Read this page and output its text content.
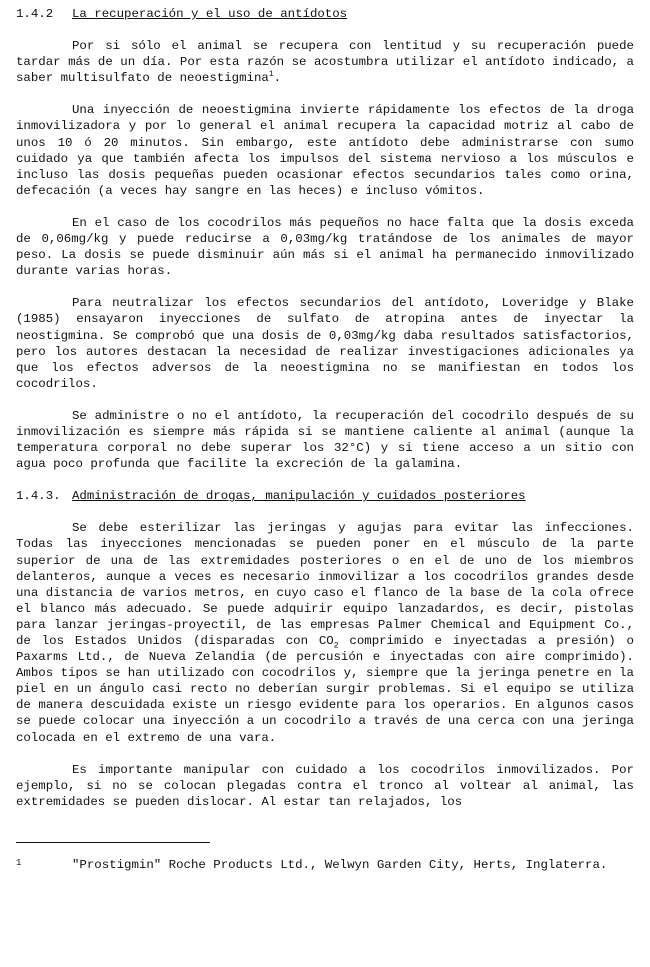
1.4.2 La recuperación y el uso de antídotos

Por si sólo el animal se recupera con lentitud y su recuperación puede tardar más de un día. Por esta razón se acostumbra utilizar el antídoto indicado, a saber multisulfato de neoestigmina$^1$.

Una inyección de neoestigmina invierte rápidamente los efectos de la droga inmovilizadora y por lo general el animal recupera la capacidad motriz al cabo de unos 10 ó 20 minutos. Sin embargo, este antídoto debe administrarse con sumo cuidado ya que también afecta los impulsos del sistema nervioso a los músculos e incluso las dosis pequeñas pueden ocasionar efectos secundarios tales como orina, defecación (a veces hay sangre en las heces) e incluso vómitos.

En el caso de los cocodrilos más pequeños no hace falta que la dosis exceda de 0,06mg/kg y puede reducirse a 0,03mg/kg tratándose de los animales de mayor peso. La dosis se puede disminuir aún más si el animal ha permanecido inmovilizado durante varias horas.

Para neutralizar los efectos secundarios del antídoto, Loveridge y Blake (1985) ensayaron inyecciones de sulfato de atropina antes de inyectar la neostigmina. Se comprobó que una dosis de 0,03mg/kg daba resultados satisfactorios, pero los autores destacan la necesidad de realizar investigaciones adicionales ya que los efectos adversos de la neoestigmina no se manifiestan en todos los cocodrilos.

Se administre o no el antídoto, la recuperación del cocodrilo después de su inmovilización es siempre más rápida si se mantiene caliente al animal (aunque la temperatura corporal no debe superar los 32°C) y si tiene acceso a un sitio con agua poco profunda que facilite la excreción de la galamina.

1.4.3. Administración de drogas, manipulación y cuidados posteriores

Se debe esterilizar las jeringas y agujas para evitar las infecciones. Todas las inyecciones mencionadas se pueden poner en el músculo de la parte superior de una de las extremidades posteriores o en el de uno de los miembros delanteros, aunque a veces es necesario inmovilizar a los cocodrilos grandes desde una distancia de varios metros, en cuyo caso el flanco de la base de la cola ofrece el blanco más adecuado. Se puede adquirir equipo lanzadardos, es decir, pistolas para lanzar jeringas-proyectil, de las empresas Palmer Chemical and Equipment Co., de los Estados Unidos (disparadas con $CO_2$ comprimido e inyectadas a presión) o Paxarms Ltd., de Nueva Zelandia (de percusión e inyectadas con aire comprimido). Ambos tipos se han utilizado con cocodrilos y, siempre que la jeringa penetre en la piel en un ángulo casi recto no deberían surgir problemas. Si el equipo se utiliza de manera descuidada existe un riesgo evidente para los operarios. En algunos casos se puede colocar una inyección a un cocodrilo a través de una cerca con una jeringa colocada en el extremo de una vara.

Es importante manipular con cuidado a los cocodrilos inmovilizados. Por ejemplo, si no se colocan plegadas contra el tronco al voltear al animal, las extremidades se pueden dislocar. Al estar tan relajados, los

1	"Prostigmin" Roche Products Ltd., Welwyn Garden City, Herts, Inglaterra.
